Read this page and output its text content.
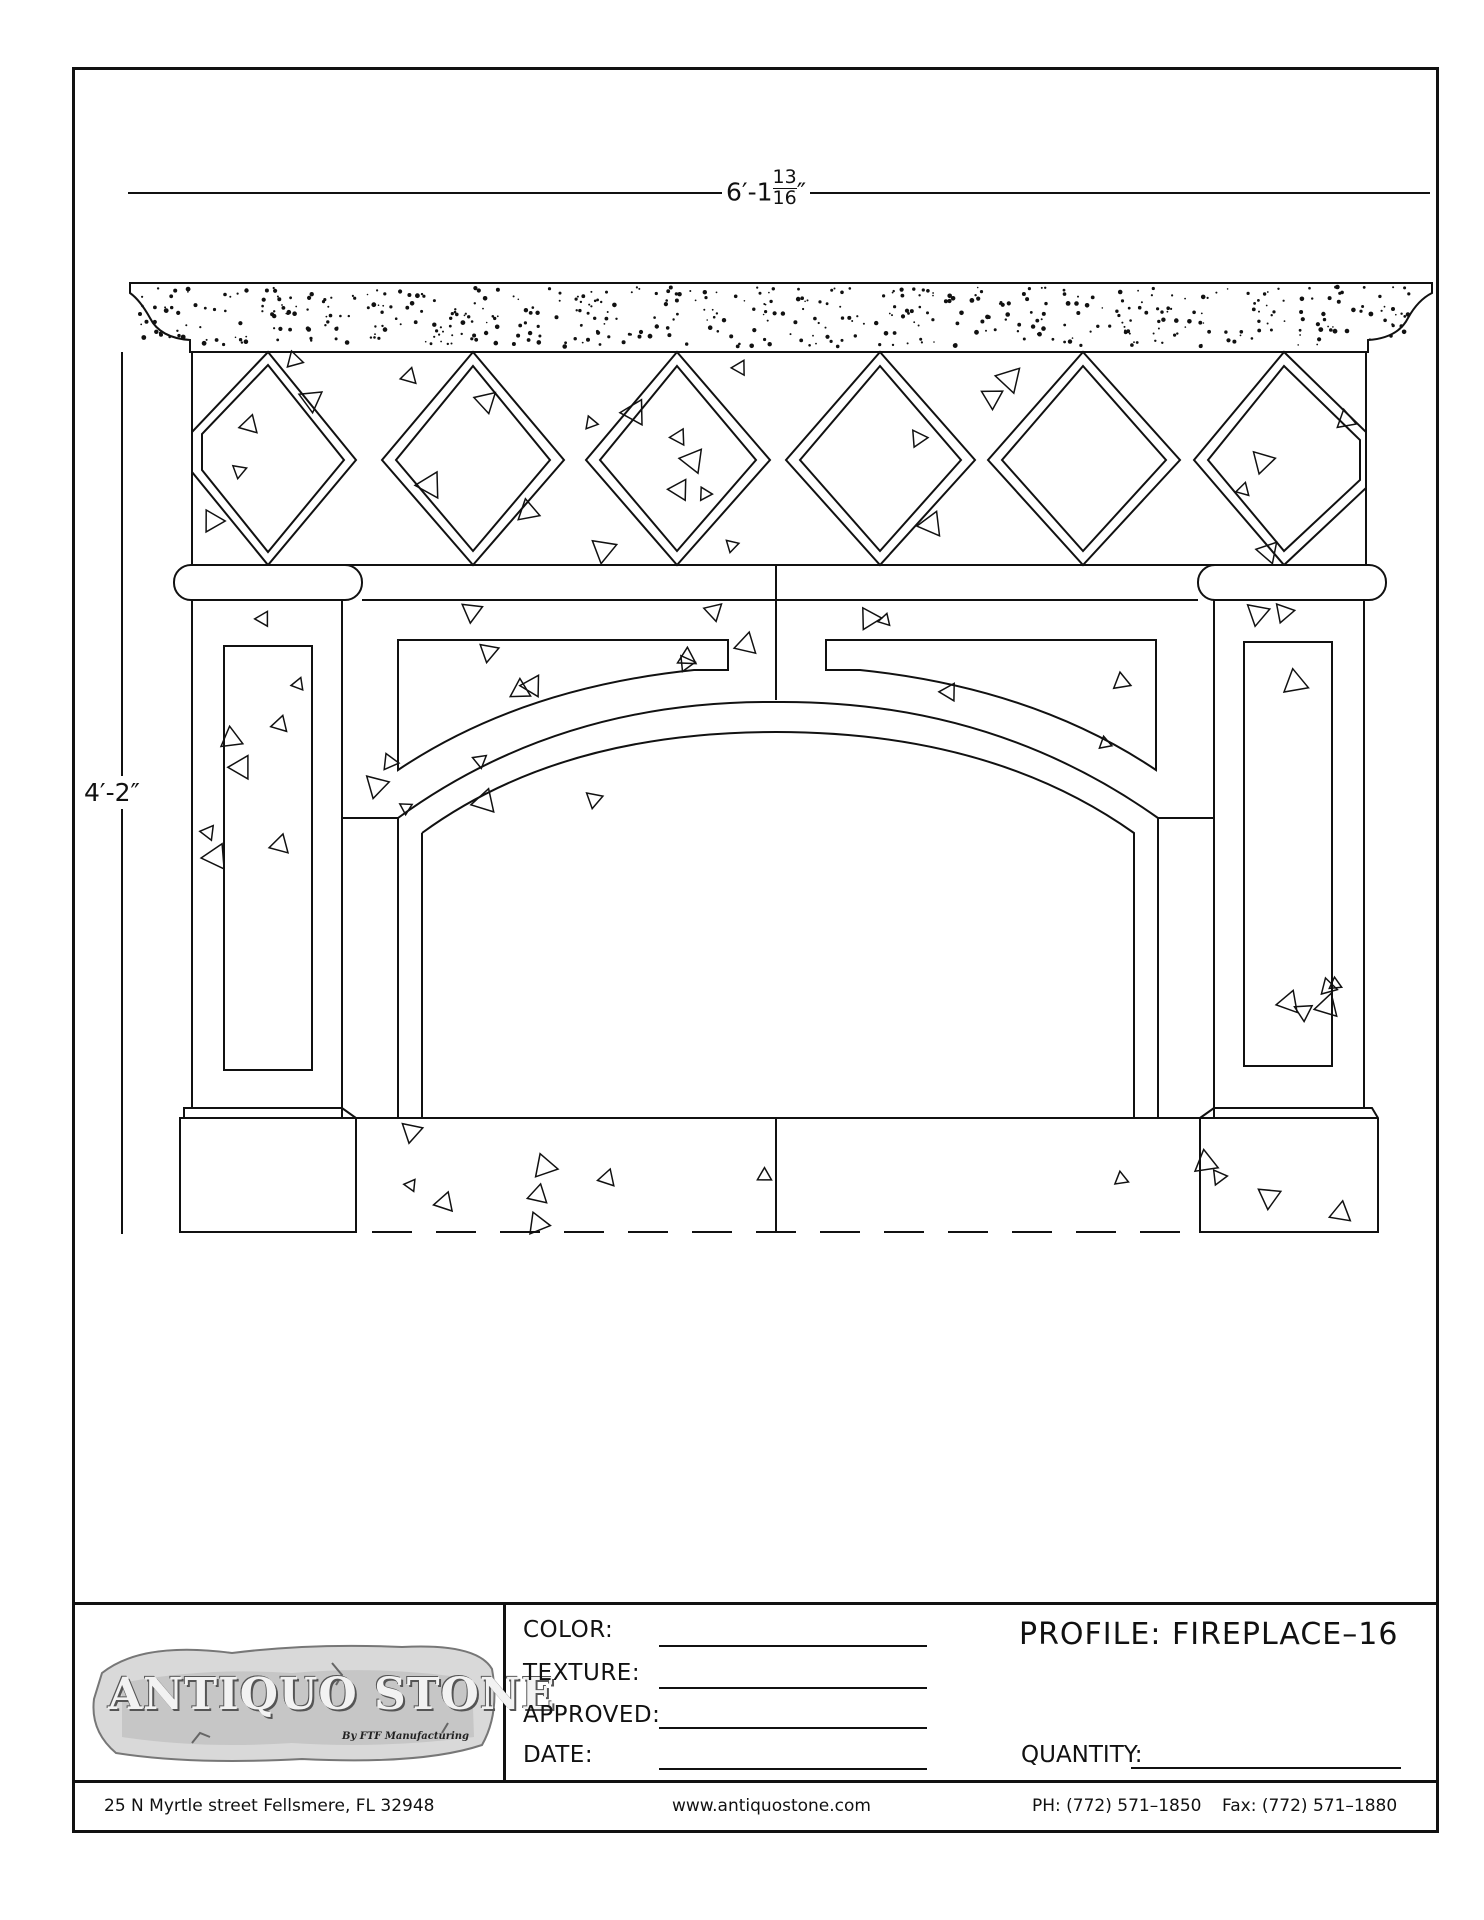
$6'-1 \frac{13}{16}$ ″
4′-2″
ANTIQUO STONE
By FTF Manufacturing
COLOR:
TEXTURE:
APPROVED:
DATE:
PROFILE: FIREPLACE–16
QUANTITY:
25 N Myrtle street Fellsmere, FL 32948	www.antiquostone.com	PH: (772) 571–1850 Fax: (772) 571–1880
